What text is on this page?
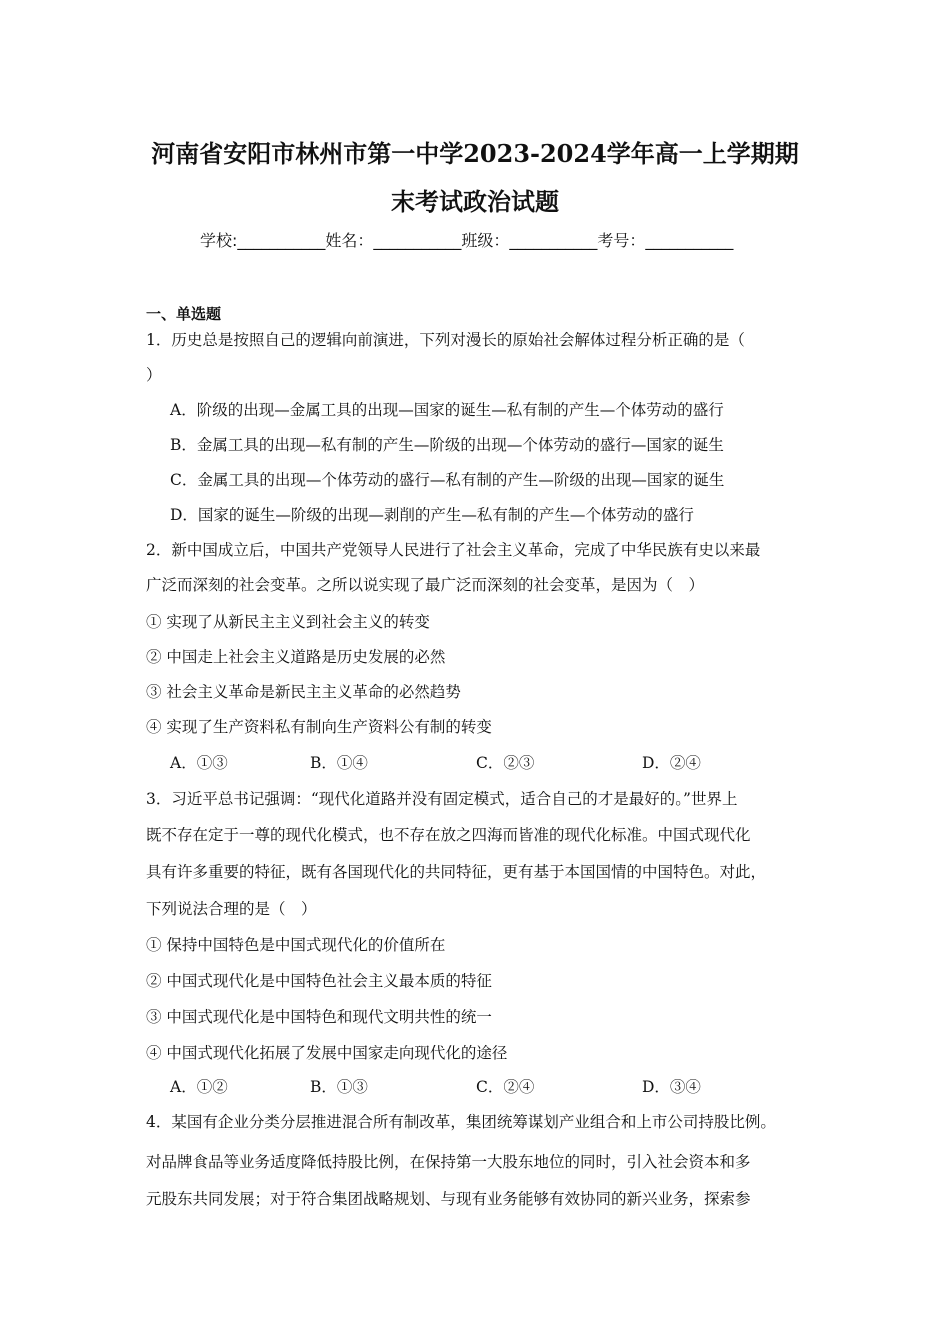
河南省安阳市林州市第一中学2023-2024学年高一上学期期
末考试政治试题
学校:___________姓名：___________班级：___________考号：___________
一、单选题
1．历史总是按照自己的逻辑向前演进，下列对漫长的原始社会解体过程分析正确的是（
）
A．阶级的出现—金属工具的出现—国家的诞生—私有制的产生—个体劳动的盛行
B．金属工具的出现—私有制的产生—阶级的出现—个体劳动的盛行—国家的诞生
C．金属工具的出现—个体劳动的盛行—私有制的产生—阶级的出现—国家的诞生
D．国家的诞生—阶级的出现—剥削的产生—私有制的产生—个体劳动的盛行
2．新中国成立后，中国共产党领导人民进行了社会主义革命，完成了中华民族有史以来最
广泛而深刻的社会变革。之所以说实现了最广泛而深刻的社会变革，是因为（　）
① 实现了从新民主主义到社会主义的转变
② 中国走上社会主义道路是历史发展的必然
③ 社会主义革命是新民主主义革命的必然趋势
④ 实现了生产资料私有制向生产资料公有制的转变
A．①③	B．①④	C．②③	D．②④
3．习近平总书记强调：“现代化道路并没有固定模式，适合自己的才是最好的。”世界上
既不存在定于一尊的现代化模式，也不存在放之四海而皆准的现代化标准。中国式现代化
具有许多重要的特征，既有各国现代化的共同特征，更有基于本国国情的中国特色。对此，
下列说法合理的是（　）
① 保持中国特色是中国式现代化的价值所在
② 中国式现代化是中国特色社会主义最本质的特征
③ 中国式现代化是中国特色和现代文明共性的统一
④ 中国式现代化拓展了发展中国家走向现代化的途径
A．①②	B．①③	C．②④	D．③④
4．某国有企业分类分层推进混合所有制改革，集团统筹谋划产业组合和上市公司持股比例。
对品牌食品等业务适度降低持股比例，在保持第一大股东地位的同时，引入社会资本和多
元股东共同发展；对于符合集团战略规划、与现有业务能够有效协同的新兴业务，探索参
